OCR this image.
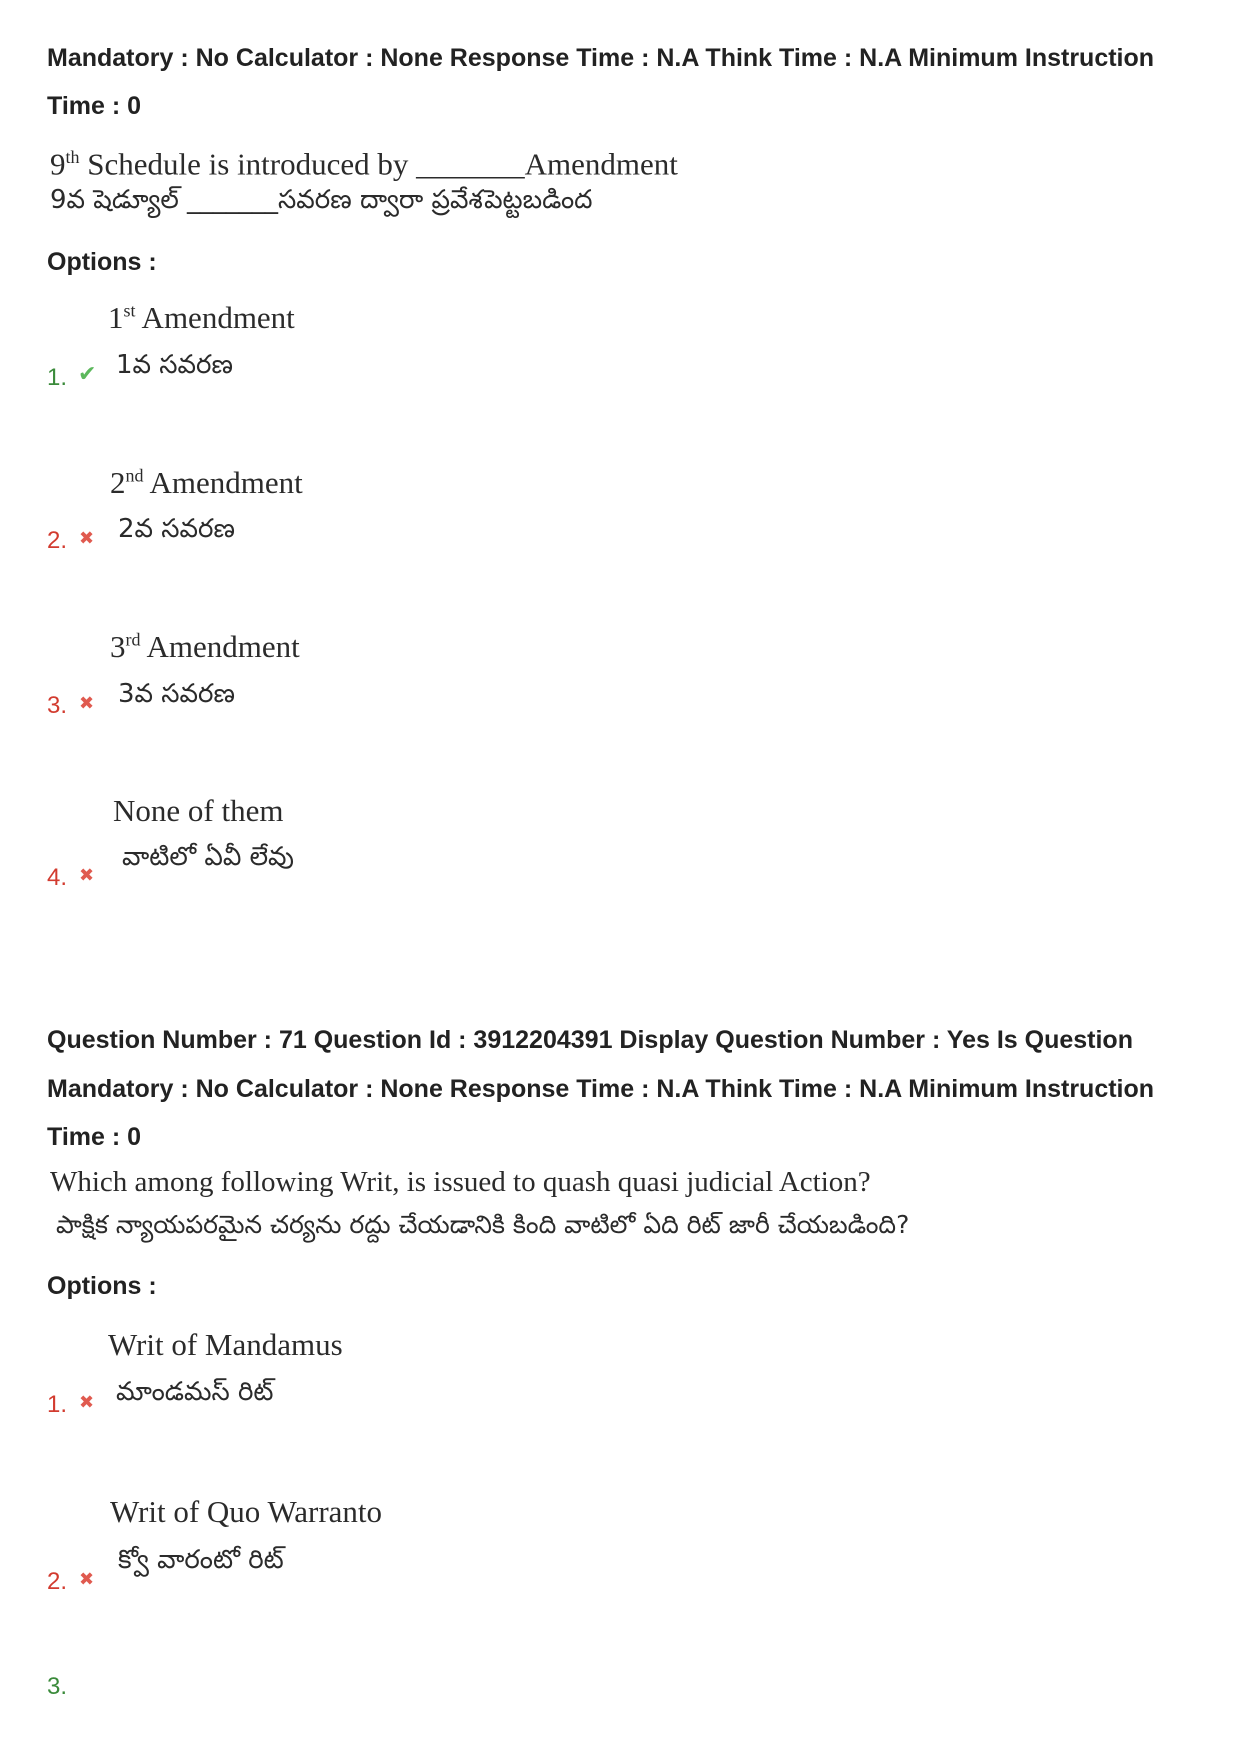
Mandatory : No Calculator : None Response Time : N.A Think Time : N.A Minimum Instruction
Time : 0
9th Schedule is introduced by _______Amendment
9వ షెడ్యూల్ _______సవరణ ద్వారా ప్రవేశపెట్టబడింద
Options :
1st Amendment
1వ సవరణ
1. ✔
2nd Amendment
2వ సవరణ
2. ✖
3rd Amendment
3వ సవరణ
3. ✖
None of them
వాటిలో ఏవీ లేవు
4. ✖
Question Number : 71 Question Id : 3912204391 Display Question Number : Yes Is Question
Mandatory : No Calculator : None Response Time : N.A Think Time : N.A Minimum Instruction
Time : 0
Which among following Writ, is issued to quash quasi judicial Action?
పాక్షిక న్యాయపరమైన చర్యను రద్దు చేయడానికి కింది వాటిలో ఏది రిట్ జారీ చేయబడింది?
Options :
Writ of Mandamus
మాండమస్ రిట్
1. ✖
Writ of Quo Warranto
క్వో వారంటో రిట్
2. ✖
3.
